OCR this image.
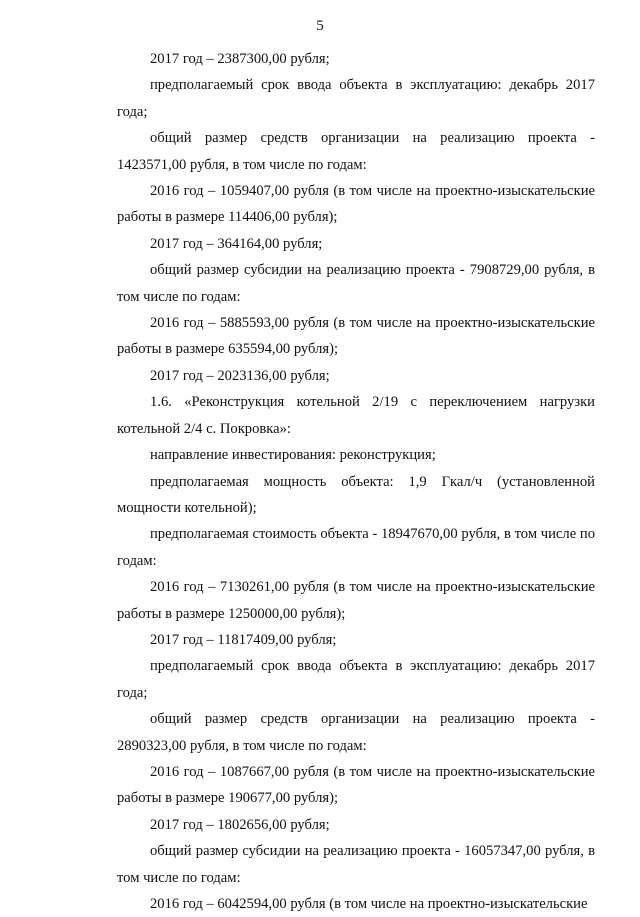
5

2017 год – 2387300,00 рубля;

предполагаемый срок ввода объекта в эксплуатацию: декабрь 2017 года;

общий размер средств организации на реализацию проекта - 1423571,00 рубля, в том числе по годам:

2016 год – 1059407,00 рубля (в том числе на проектно-изыскательские работы в размере 114406,00 рубля);

2017 год – 364164,00 рубля;

общий размер субсидии на реализацию проекта - 7908729,00 рубля, в том числе по годам:

2016 год – 5885593,00 рубля (в том числе на проектно-изыскательские работы в размере 635594,00 рубля);

2017 год – 2023136,00 рубля;

1.6. «Реконструкция котельной 2/19 с переключением нагрузки котельной 2/4 с. Покровка»:

направление инвестирования: реконструкция;

предполагаемая мощность объекта: 1,9 Гкал/ч (установленной мощности котельной);

предполагаемая стоимость объекта - 18947670,00 рубля, в том числе по годам:

2016 год – 7130261,00 рубля (в том числе на проектно-изыскательские работы в размере 1250000,00 рубля);

2017 год – 11817409,00 рубля;

предполагаемый срок ввода объекта в эксплуатацию: декабрь 2017 года;

общий размер средств организации на реализацию проекта - 2890323,00 рубля, в том числе по годам:

2016 год – 1087667,00 рубля (в том числе на проектно-изыскательские работы в размере 190677,00 рубля);

2017 год – 1802656,00 рубля;

общий размер субсидии на реализацию проекта - 16057347,00 рубля, в том числе по годам:

2016 год – 6042594,00 рубля (в том числе на проектно-изыскательские
